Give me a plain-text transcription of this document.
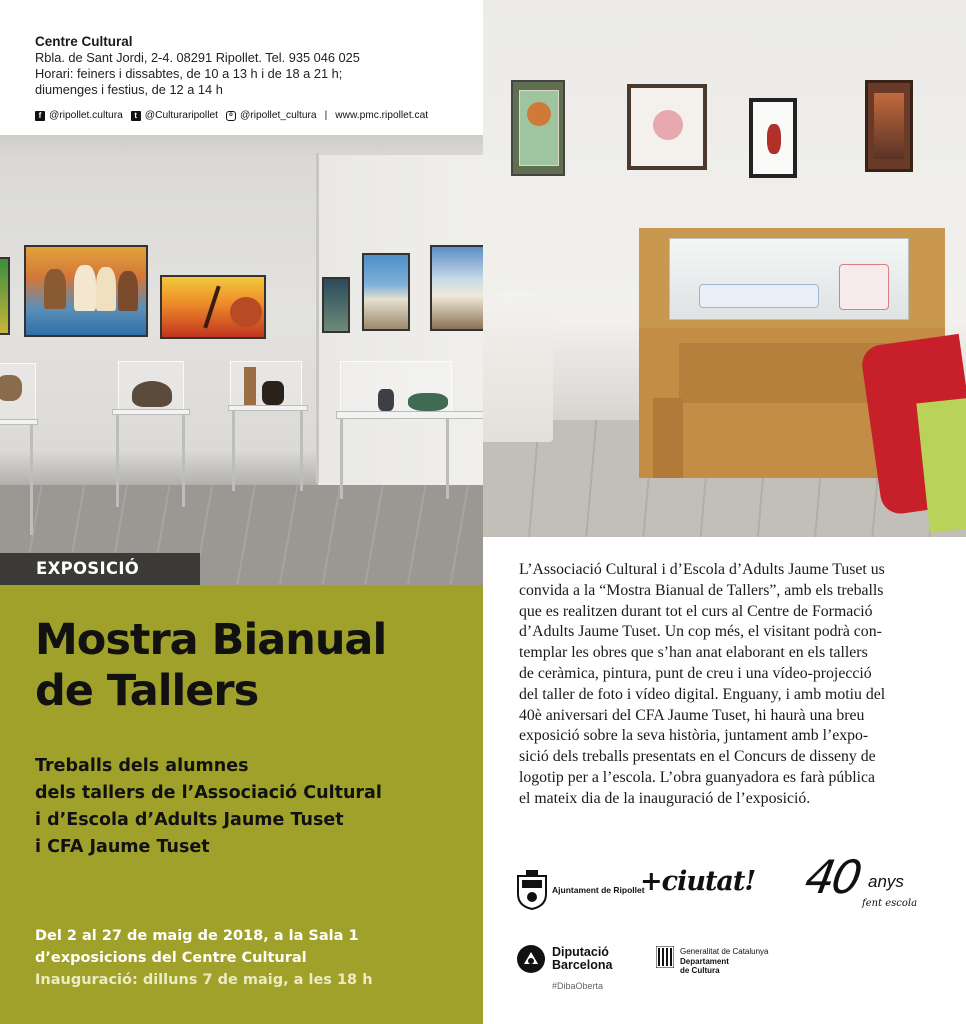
Centre Cultural
Rbla. de Sant Jordi, 2-4. 08291 Ripollet. Tel. 935 046 025
Horari: feiners i dissabtes, de 10 a 13 h i de 18 a 21 h;
diumenges i festius, de 12 a 14 h
f @ripollet.cultura	t @Culturaripollet	o @ripollet_cultura | www.pmc.ripollet.cat
EXPOSICIÓ
Mostra Bianual
de Tallers
Treballs dels alumnes
dels tallers de l’Associació Cultural
i d’Escola d’Adults Jaume Tuset
i CFA Jaume Tuset
Del 2 al 27 de maig de 2018, a la Sala 1
d’exposicions del Centre Cultural
Inauguració: dilluns 7 de maig, a les 18 h
L’Associació Cultural i d’Escola d’Adults Jaume Tuset us
convida a la “Mostra Bianual de Tallers”, amb els treballs
que es realitzen durant tot el curs al Centre de Formació
d’Adults Jaume Tuset. Un cop més, el visitant podrà con-
templar les obres que s’han anat elaborant en els tallers
de ceràmica, pintura, punt de creu i una vídeo-projecció
del taller de foto i vídeo digital. Enguany, i amb motiu del
40è aniversari del CFA Jaume Tuset, hi haurà una breu
exposició sobre la seva història, juntament amb l’expo-
sició dels treballs presentats en el Concurs de disseny de
logotip per a l’escola. L’obra guanyadora es farà pública
el mateix dia de la inauguració de l’exposició.
Ajuntament de Ripollet
+ciutat! 40 anys
fent escola
Diputació
Barcelona
#DibaOberta
Generalitat de Catalunya
Departament
de Cultura
